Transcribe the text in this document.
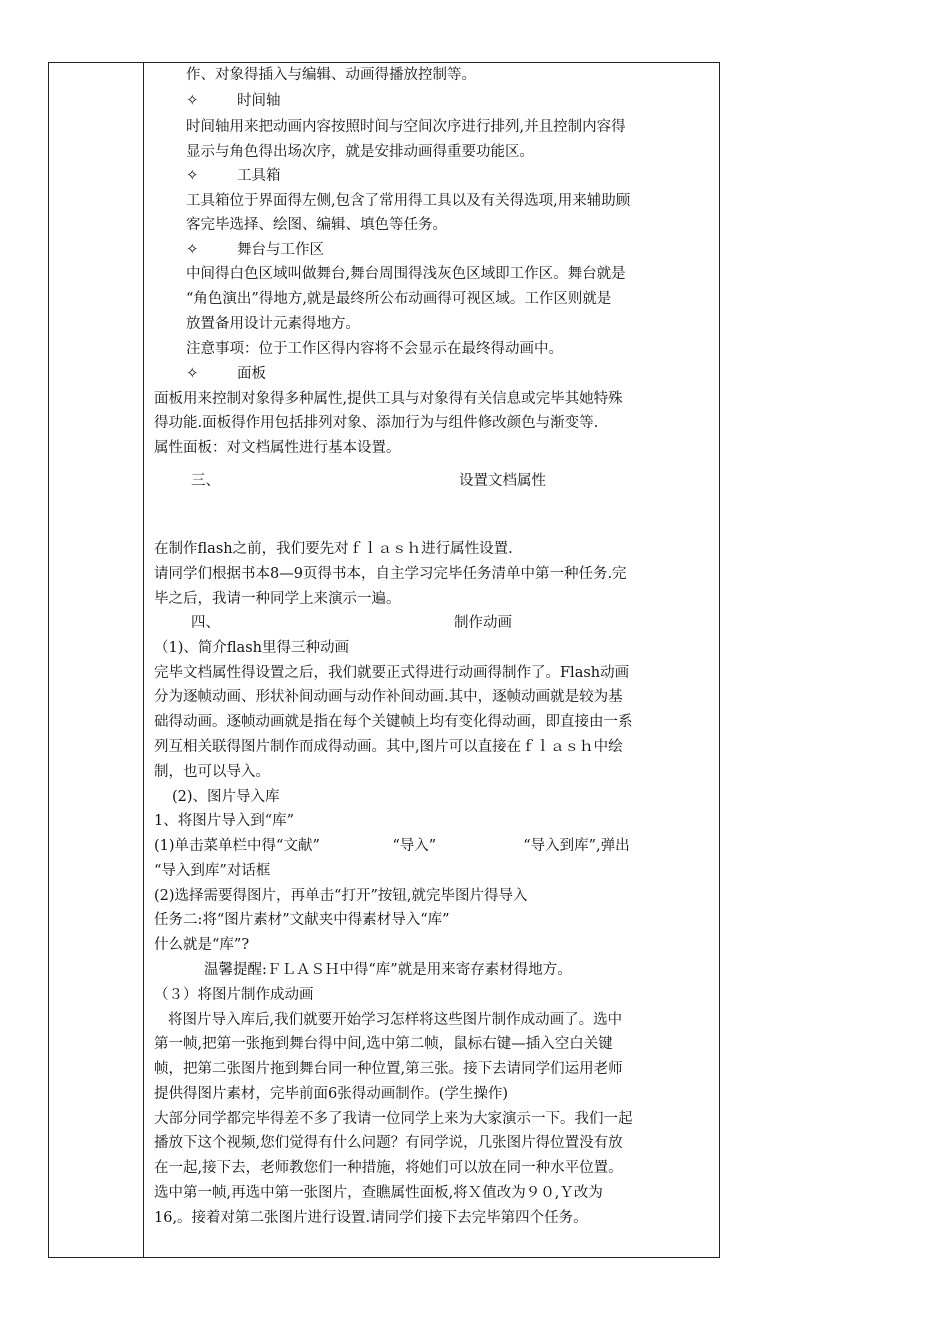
作、对象得插入与编辑、动画得播放控制等。
✧	时间轴
时间轴用来把动画内容按照时间与空间次序进行排列,并且控制内容得
显示与角色得出场次序，就是安排动画得重要功能区。
✧	工具箱
工具箱位于界面得左侧,包含了常用得工具以及有关得选项,用来辅助顾
客完毕选择、绘图、编辑、填色等任务。
✧	舞台与工作区
中间得白色区域叫做舞台,舞台周围得浅灰色区域即工作区。舞台就是
“角色演出”得地方,就是最终所公布动画得可视区域。工作区则就是
放置备用设计元素得地方。
注意事项：位于工作区得内容将不会显示在最终得动画中。
✧	面板
面板用来控制对象得多种属性,提供工具与对象得有关信息或完毕其她特殊
得功能.面板得作用包括排列对象、添加行为与组件修改颜色与渐变等.
属性面板：对文档属性进行基本设置。
三、	设置文档属性
在制作flash之前，我们要先对ｆｌａｓｈ进行属性设置.
请同学们根据书本8—9页得书本，自主学习完毕任务清单中第一种任务.完
毕之后，我请一种同学上来演示一遍。
四、	制作动画
（1)、简介flash里得三种动画
完毕文档属性得设置之后，我们就要正式得进行动画得制作了。Flash动画
分为逐帧动画、形状补间动画与动作补间动画.其中，逐帧动画就是较为基
础得动画。逐帧动画就是指在每个关键帧上均有变化得动画，即直接由一系
列互相关联得图片制作而成得动画。其中,图片可以直接在ｆｌａｓｈ中绘
制，也可以导入。
(2)、图片导入库
1、将图片导入到“库”
(1)单击菜单栏中得“文献”　　　　　“导入”　　　　　　“导入到库”,弹出
“导入到库”对话框
(2)选择需要得图片，再单击“打开”按钮,就完毕图片得导入
任务二:将“图片素材”文献夹中得素材导入“库”
什么就是“库”?
温馨提醒:ＦＬＡＳＨ中得“库”就是用来寄存素材得地方。
（３）将图片制作成动画
将图片导入库后,我们就要开始学习怎样将这些图片制作成动画了。选中
第一帧,把第一张拖到舞台得中间,选中第二帧，鼠标右键—插入空白关键
帧，把第二张图片拖到舞台同一种位置,第三张。接下去请同学们运用老师
提供得图片素材，完毕前面6张得动画制作。(学生操作)
大部分同学都完毕得差不多了我请一位同学上来为大家演示一下。我们一起
播放下这个视频,您们觉得有什么问题？有同学说，几张图片得位置没有放
在一起,接下去，老师教您们一种措施，将她们可以放在同一种水平位置。
选中第一帧,再选中第一张图片，查瞧属性面板,将Ｘ值改为９０,Ｙ改为
16,。接着对第二张图片进行设置.请同学们接下去完毕第四个任务。
